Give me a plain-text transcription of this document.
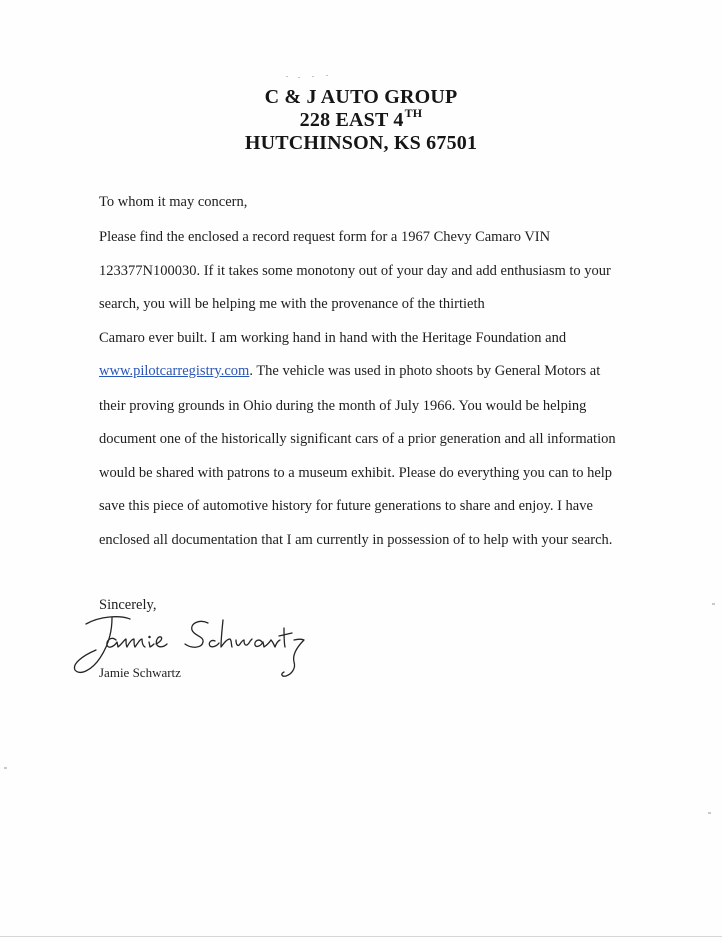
C & J AUTO GROUP
228 EAST 4TH
HUTCHINSON, KS 67501
To whom it may concern,
Please find the enclosed a record request form for a 1967 Chevy Camaro VIN
123377N100030. If it takes some monotony out of your day and add enthusiasm to your
search, you will be helping me with the provenance of the thirtieth
Camaro ever built. I am working hand in hand with the Heritage Foundation and
www.pilotcarregistry.com. The vehicle was used in photo shoots by General Motors at
their proving grounds in Ohio during the month of July 1966. You would be helping
document one of the historically significant cars of a prior generation and all information
would be shared with patrons to a museum exhibit. Please do everything you can to help
save this piece of automotive history for future generations to share and enjoy. I have
enclosed all documentation that I am currently in possession of to help with your search.
Sincerely,
Jamie Schwartz
